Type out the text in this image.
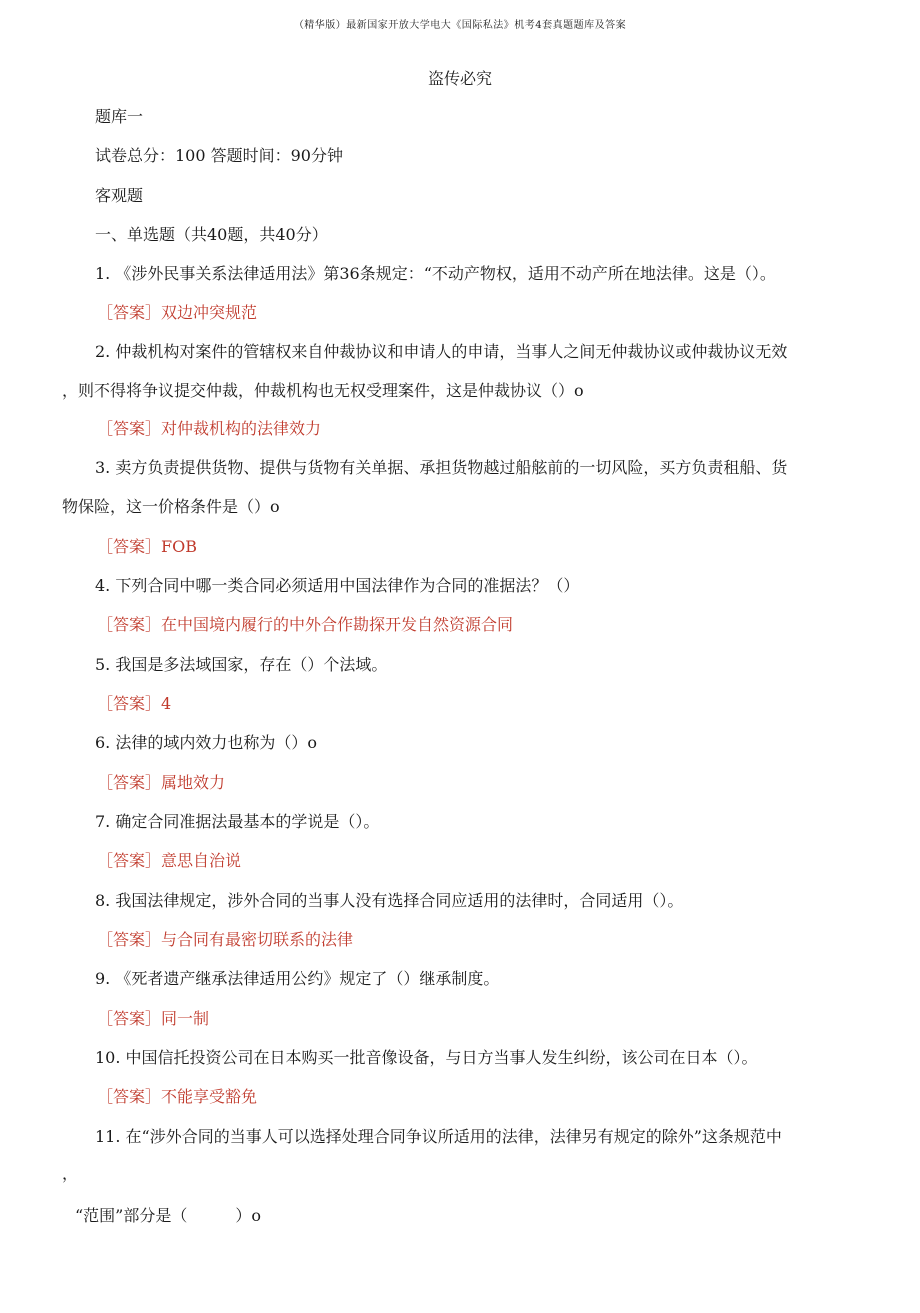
（精华版）最新国家开放大学电大《国际私法》机考4套真题题库及答案
盗传必究
题库一
试卷总分：100 答题时间：90分钟
客观题
一、单选题（共40题，共40分）
1. 《涉外民事关系法律适用法》第36条规定：“不动产物权，适用不动产所在地法律。这是（）。
［答案］双边冲突规范
2. 仲裁机构对案件的管辖权来自仲裁协议和申请人的申请，当事人之间无仲裁协议或仲裁协议无效
，则不得将争议提交仲裁，仲裁机构也无权受理案件，这是仲裁协议（）o
［答案］对仲裁机构的法律效力
3. 卖方负责提供货物、提供与货物有关单据、承担货物越过船舷前的一切风险，买方负责租船、货
物保险，这一价格条件是（）o
［答案］FOB
4. 下列合同中哪一类合同必须适用中国法律作为合同的准据法？（）
［答案］在中国境内履行的中外合作勘探开发自然资源合同
5. 我国是多法域国家，存在（）个法域。
［答案］4
6. 法律的域内效力也称为（）o
［答案］属地效力
7. 确定合同准据法最基本的学说是（）。
［答案］意思自治说
8. 我国法律规定，涉外合同的当事人没有选择合同应适用的法律时，合同适用（）。
［答案］与合同有最密切联系的法律
9. 《死者遗产继承法律适用公约》规定了（）继承制度。
［答案］同一制
10. 中国信托投资公司在日本购买一批音像设备，与日方当事人发生纠纷，该公司在日本（）。
［答案］不能享受豁免
11. 在“涉外合同的当事人可以选择处理合同争议所适用的法律，法律另有规定的除外”这条规范中
，
“范围”部分是（　　　）o
